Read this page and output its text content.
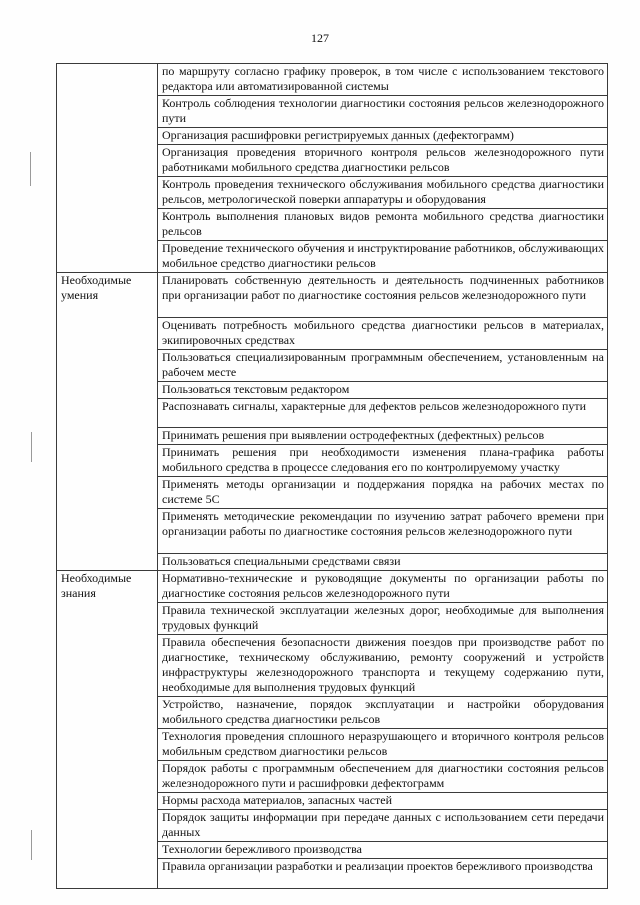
127
	по маршруту согласно графику проверок, в том числе с использованием текстового редактора или автоматизированной системы
	Контроль соблюдения технологии диагностики состояния рельсов железнодорожного пути
	Организация расшифровки регистрируемых данных (дефектограмм)
	Организация проведения вторичного контроля рельсов железнодорожного пути работниками мобильного средства диагностики рельсов
	Контроль проведения технического обслуживания мобильного средства диагностики рельсов, метрологической поверки аппаратуры и оборудования
	Контроль выполнения плановых видов ремонта мобильного средства диагностики рельсов
	Проведение технического обучения и инструктирование работников, обслуживающих мобильное средство диагностики рельсов
Необходимые умения	Планировать собственную деятельность и деятельность подчиненных работников при организации работ по диагностике состояния рельсов железнодорожного пути
	Оценивать потребность мобильного средства диагностики рельсов в материалах, экипировочных средствах
	Пользоваться специализированным программным обеспечением, установленным на рабочем месте
	Пользоваться текстовым редактором
	Распознавать сигналы, характерные для дефектов рельсов железнодорожного пути
	Принимать решения при выявлении остродефектных (дефектных) рельсов
	Принимать решения при необходимости изменения плана-графика работы мобильного средства в процессе следования его по контролируемому участку
	Применять методы организации и поддержания порядка на рабочих местах по системе 5С
	Применять методические рекомендации по изучению затрат рабочего времени при организации работы по диагностике состояния рельсов железнодорожного пути
	Пользоваться специальными средствами связи
Необходимые знания	Нормативно-технические и руководящие документы по организации работы по диагностике состояния рельсов железнодорожного пути
	Правила технической эксплуатации железных дорог, необходимые для выполнения трудовых функций
	Правила обеспечения безопасности движения поездов при производстве работ по диагностике, техническому обслуживанию, ремонту сооружений и устройств инфраструктуры железнодорожного транспорта и текущему содержанию пути, необходимые для выполнения трудовых функций
	Устройство, назначение, порядок эксплуатации и настройки оборудования мобильного средства диагностики рельсов
	Технология проведения сплошного неразрушающего и вторичного контроля рельсов мобильным средством диагностики рельсов
	Порядок работы с программным обеспечением для диагностики состояния рельсов железнодорожного пути и расшифровки дефектограмм
	Нормы расхода материалов, запасных частей
	Порядок защиты информации при передаче данных с использованием сети передачи данных
	Технологии бережливого производства
	Правила организации разработки и реализации проектов бережливого производства
